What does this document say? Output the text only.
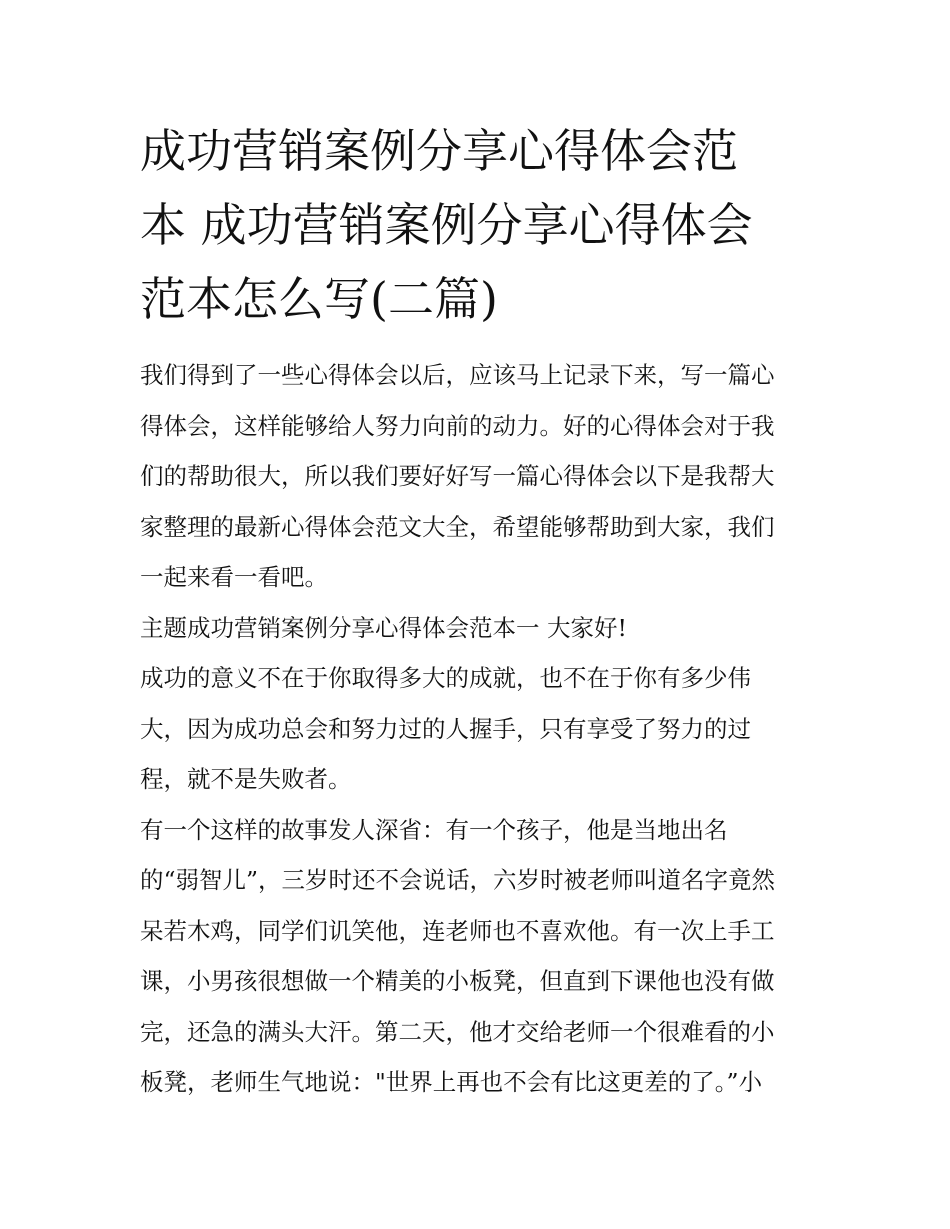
成功营销案例分享心得体会范
本 成功营销案例分享心得体会
范本怎么写(二篇)

我们得到了一些心得体会以后，应该马上记录下来，写一篇心
得体会，这样能够给人努力向前的动力。好的心得体会对于我
们的帮助很大，所以我们要好好写一篇心得体会以下是我帮大
家整理的最新心得体会范文大全，希望能够帮助到大家，我们
一起来看一看吧。

主题成功营销案例分享心得体会范本一 大家好!

成功的意义不在于你取得多大的成就，也不在于你有多少伟
大，因为成功总会和努力过的人握手，只有享受了努力的过
程，就不是失败者。

有一个这样的故事发人深省：有一个孩子，他是当地出名
的“弱智儿”，三岁时还不会说话，六岁时被老师叫道名字竟然
呆若木鸡，同学们讥笑他，连老师也不喜欢他。有一次上手工
课，小男孩很想做一个精美的小板凳，但直到下课他也没有做
完，还急的满头大汗。第二天，他才交给老师一个很难看的小
板凳，老师生气地说："世界上再也不会有比这更差的了。”小
